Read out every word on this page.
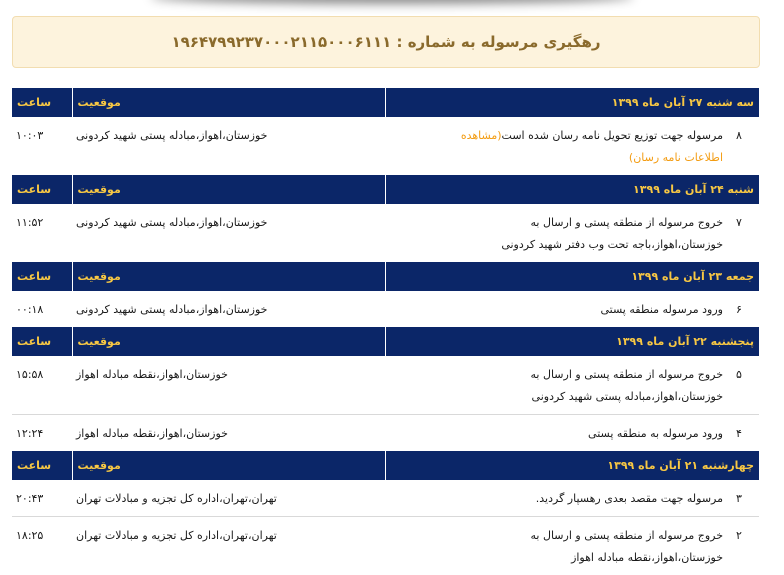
رهگیری مرسوله به شماره : ۱۹۶۴۷۹۹۲۳۷۰۰۰۲۱۱۵۰۰۰۶۱۱۱
سه شنبه ۲۷ آبان ماه ۱۳۹۹	موقعیت	ساعت
۸مرسوله جهت توزیع تحویل نامه رسان شده است(مشاهده اطلاعات نامه رسان)	خوزستان،اهواز،مبادله پستی شهید کردونی	۱۰:۰۳
شنبه ۲۴ آبان ماه ۱۳۹۹	موقعیت	ساعت
۷خروج مرسوله از منطقه پستی و ارسال به خوزستان،اهواز،باجه تحت وب دفتر شهید کردونی	خوزستان،اهواز،مبادله پستی شهید کردونی	۱۱:۵۲
جمعه ۲۳ آبان ماه ۱۳۹۹	موقعیت	ساعت
۶ورود مرسوله منطقه پستی	خوزستان،اهواز،مبادله پستی شهید کردونی	۰۰:۱۸
پنجشنبه ۲۲ آبان ماه ۱۳۹۹	موقعیت	ساعت
۵خروج مرسوله از منطقه پستی و ارسال به خوزستان،اهواز،مبادله پستی شهید کردونی	خوزستان،اهواز،نقطه مبادله اهواز	۱۵:۵۸
۴ورود مرسوله به منطقه پستی	خوزستان،اهواز،نقطه مبادله اهواز	۱۲:۲۴
چهارشنبه ۲۱ آبان ماه ۱۳۹۹	موقعیت	ساعت
۳مرسوله جهت مقصد بعدی رهسپار گردید.	تهران،تهران،اداره کل تجزیه و مبادلات تهران	۲۰:۴۳
۲خروج مرسوله از منطقه پستی و ارسال به خوزستان،اهواز،نقطه مبادله اهواز	تهران،تهران،اداره کل تجزیه و مبادلات تهران	۱۸:۲۵
